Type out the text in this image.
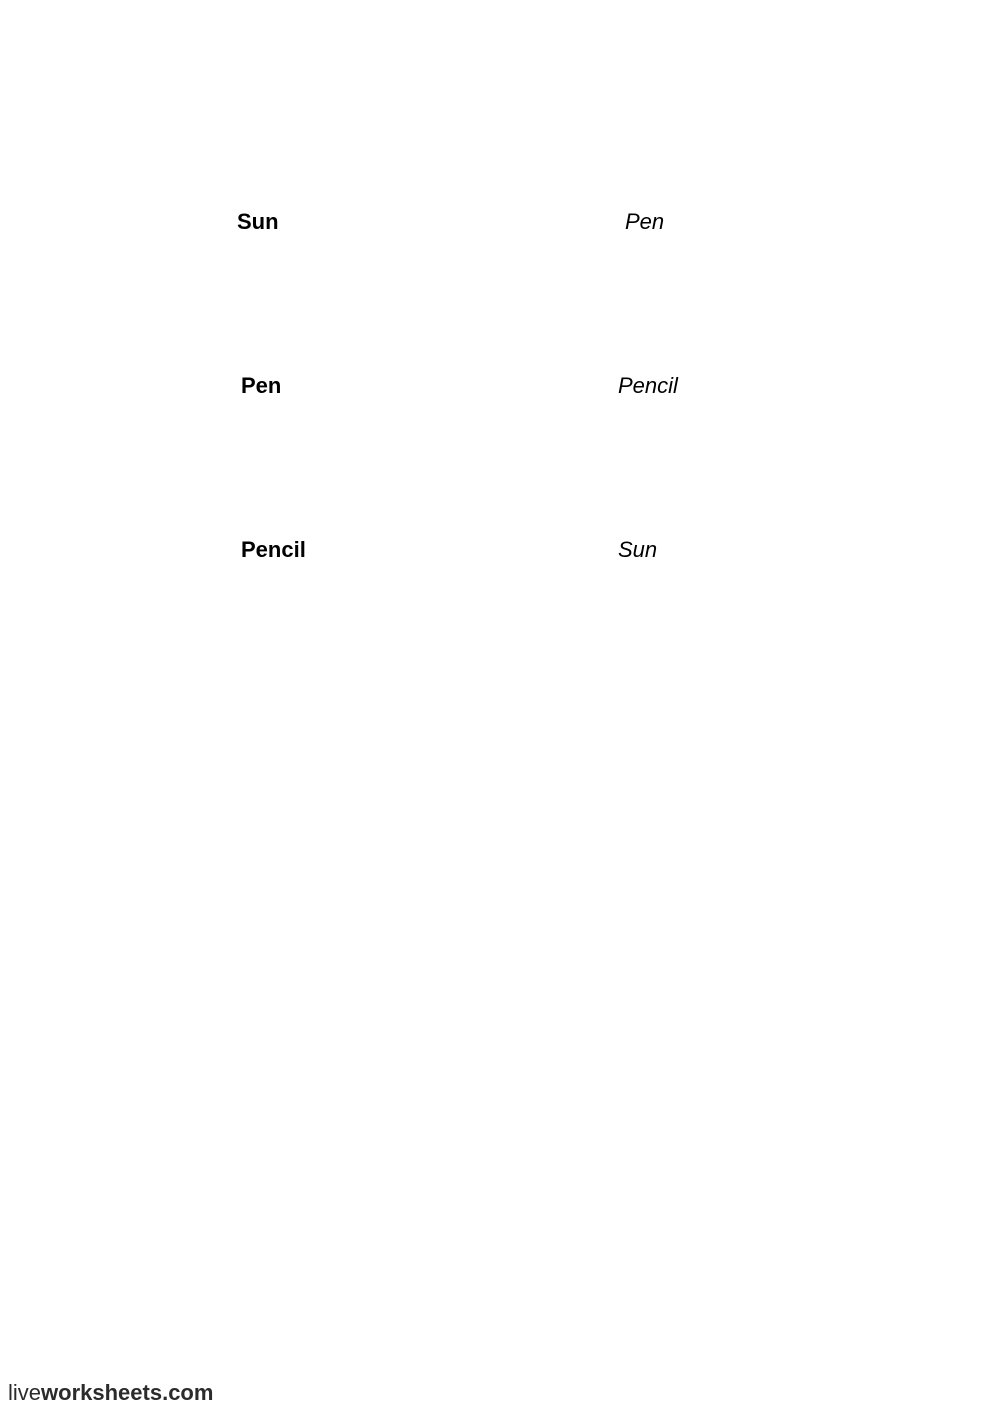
Sun
Pen
Pencil
Pen
Pencil
Sun
liveworksheets.com
